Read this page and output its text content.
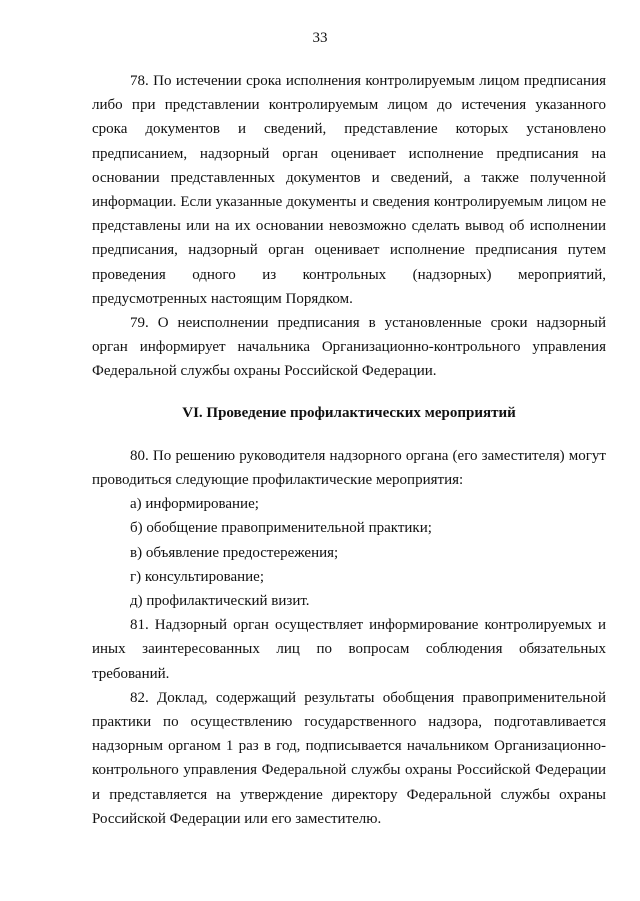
33

78. По истечении срока исполнения контролируемым лицом предписания либо при представлении контролируемым лицом до истечения указанного срока документов и сведений, представление которых установлено предписанием, надзорный орган оценивает исполнение предписания на основании представленных документов и сведений, а также полученной информации. Если указанные документы и сведения контролируемым лицом не представлены или на их основании невозможно сделать вывод об исполнении предписания, надзорный орган оценивает исполнение предписания путем проведения одного из контрольных (надзорных) мероприятий, предусмотренных настоящим Порядком.

79. О неисполнении предписания в установленные сроки надзорный орган информирует начальника Организационно-контрольного управления Федеральной службы охраны Российской Федерации.

VI. Проведение профилактических мероприятий

80. По решению руководителя надзорного органа (его заместителя) могут проводиться следующие профилактические мероприятия:

а) информирование;

б) обобщение правоприменительной практики;

в) объявление предостережения;

г) консультирование;

д) профилактический визит.

81. Надзорный орган осуществляет информирование контролируемых и иных заинтересованных лиц по вопросам соблюдения обязательных требований.

82. Доклад, содержащий результаты обобщения правоприменительной практики по осуществлению государственного надзора, подготавливается надзорным органом 1 раз в год, подписывается начальником Организационно-контрольного управления Федеральной службы охраны Российской Федерации и представляется на утверждение директору Федеральной службы охраны Российской Федерации или его заместителю.
